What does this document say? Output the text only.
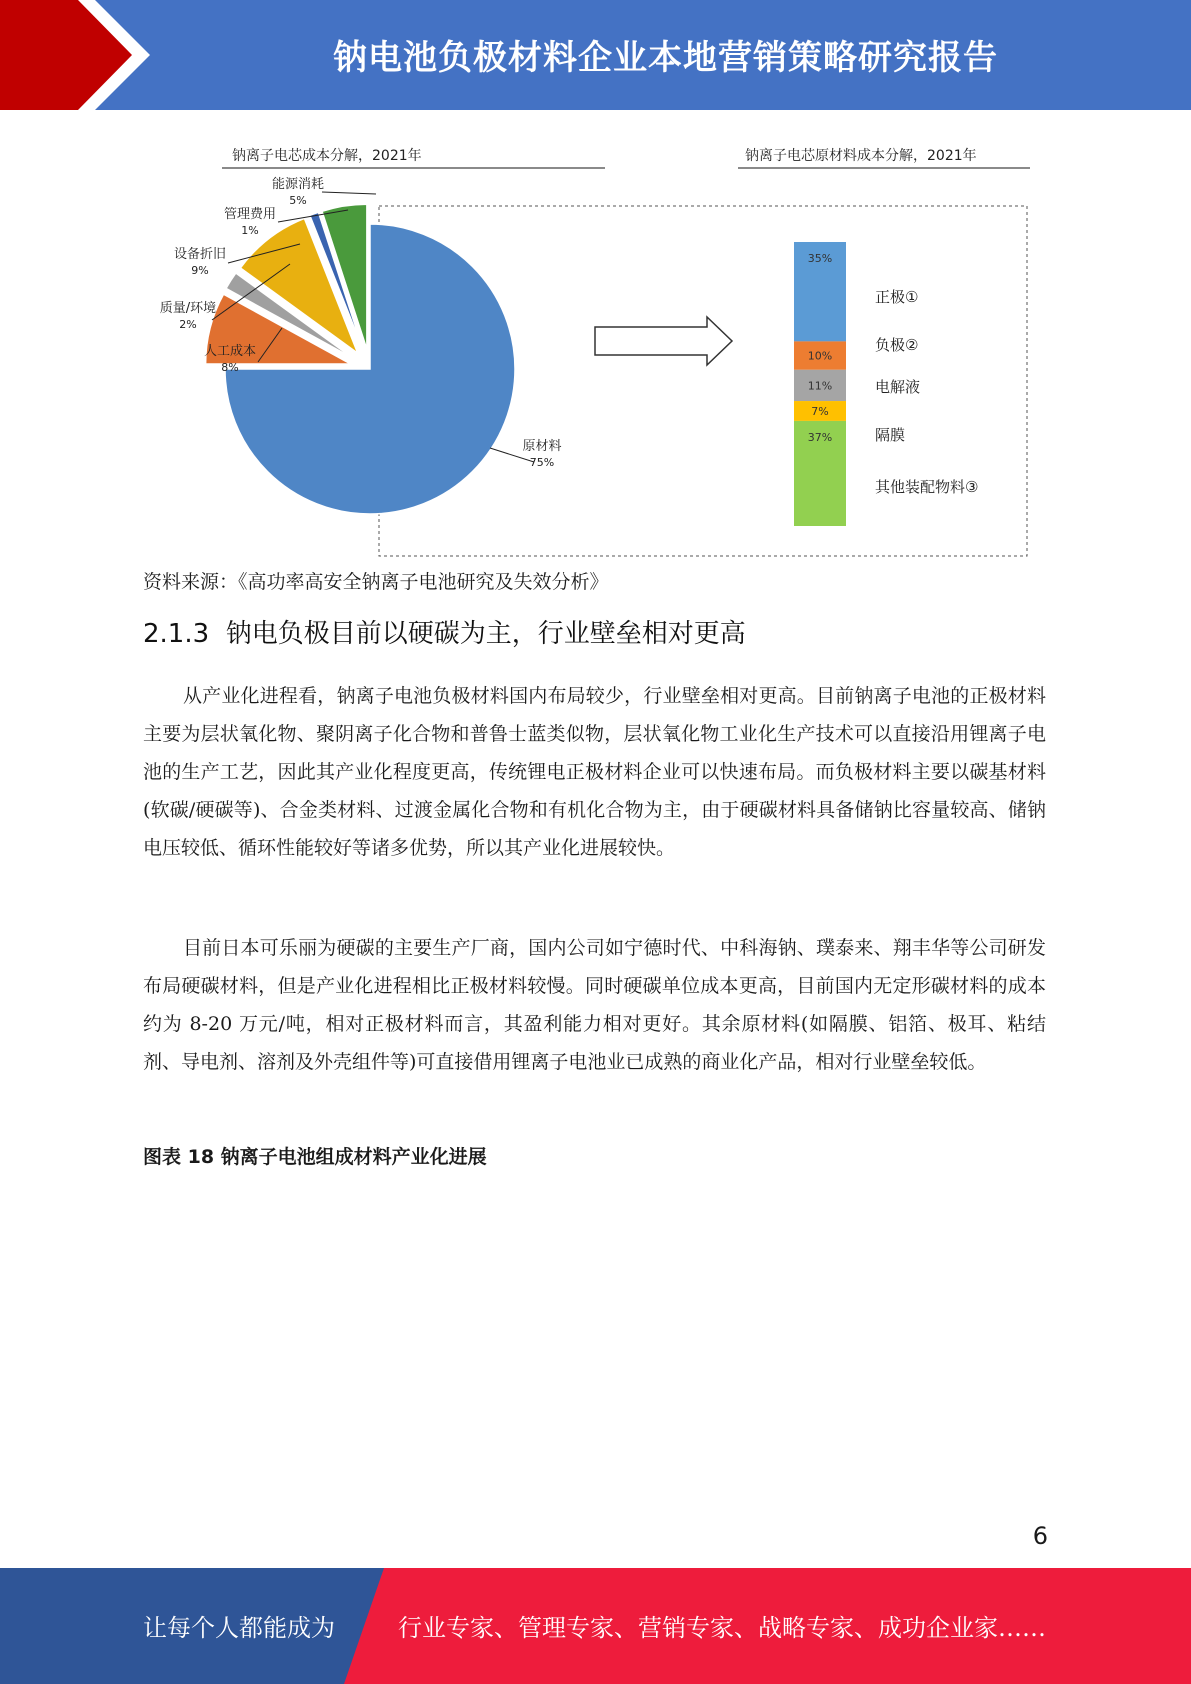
钠电池负极材料企业本地营销策略研究报告
钠离子电芯成本分解，2021年	钠离子电芯原材料成本分解，2021年
原材料
75%
人工成本
8%
质量/环境
2%
设备折旧
9%
管理费用
1%
能源消耗
5%
35%
10%
11%
7%
37%
正极①
负极②
电解液
隔膜
其他装配物料③
资料来源：《高功率高安全钠离子电池研究及失效分析》
2.1.3 钠电负极目前以硬碳为主，行业壁垒相对更高

从产业化进程看，钠离子电池负极材料国内布局较少，行业壁垒相对更高。目前钠离子电池的正极材料主要为层状氧化物、聚阴离子化合物和普鲁士蓝类似物，层状氧化物工业化生产技术可以直接沿用锂离子电池的生产工艺，因此其产业化程度更高，传统锂电正极材料企业可以快速布局。而负极材料主要以碳基材料(软碳/硬碳等)、合金类材料、过渡金属化合物和有机化合物为主，由于硬碳材料具备储钠比容量较高、储钠电压较低、循环性能较好等诸多优势，所以其产业化进展较快。

目前日本可乐丽为硬碳的主要生产厂商，国内公司如宁德时代、中科海钠、璞泰来、翔丰华等公司研发布局硬碳材料，但是产业化进程相比正极材料较慢。同时硬碳单位成本更高，目前国内无定形碳材料的成本约为 8-20 万元/吨，相对正极材料而言，其盈利能力相对更好。其余原材料(如隔膜、铝箔、极耳、粘结剂、导电剂、溶剂及外壳组件等)可直接借用锂离子电池业已成熟的商业化产品，相对行业壁垒较低。

图表 18 钠离子电池组成材料产业化进展
6
让每个人都能成为	行业专家、管理专家、营销专家、战略专家、成功企业家……
